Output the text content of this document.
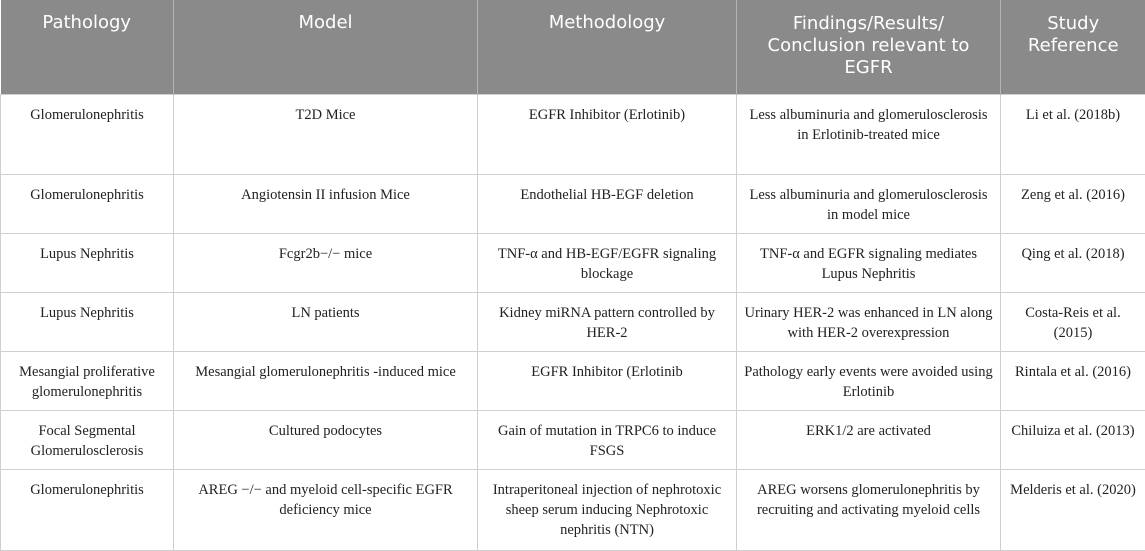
Pathology	Model	Methodology	Findings/Results/ Conclusion relevant to EGFR	Study Reference
Glomerulonephritis	T2D Mice	EGFR Inhibitor (Erlotinib)	Less albuminuria and glomerulosclerosis in Erlotinib-treated mice	Li et al. (2018b)
Glomerulonephritis	Angiotensin II infusion Mice	Endothelial HB-EGF deletion	Less albuminuria and glomerulosclerosis in model mice	Zeng et al. (2016)
Lupus Nephritis	Fcgr2b−/− mice	TNF-α and HB-EGF/EGFR signaling blockage	TNF-α and EGFR signaling mediates Lupus Nephritis	Qing et al. (2018)
Lupus Nephritis	LN patients	Kidney miRNA pattern controlled by HER-2	Urinary HER-2 was enhanced in LN along with HER-2 overexpression	Costa-Reis et al. (2015)
Mesangial proliferative glomerulonephritis	Mesangial glomerulonephritis -induced mice	EGFR Inhibitor (Erlotinib	Pathology early events were avoided using Erlotinib	Rintala et al. (2016)
Focal Segmental Glomerulosclerosis	Cultured podocytes	Gain of mutation in TRPC6 to induce FSGS	ERK1/2 are activated	Chiluiza et al. (2013)
Glomerulonephritis	AREG −/− and myeloid cell-specific EGFR deficiency mice	Intraperitoneal injection of nephrotoxic sheep serum inducing Nephrotoxic nephritis (NTN)	AREG worsens glomerulonephritis by recruiting and activating myeloid cells	Melderis et al. (2020)
